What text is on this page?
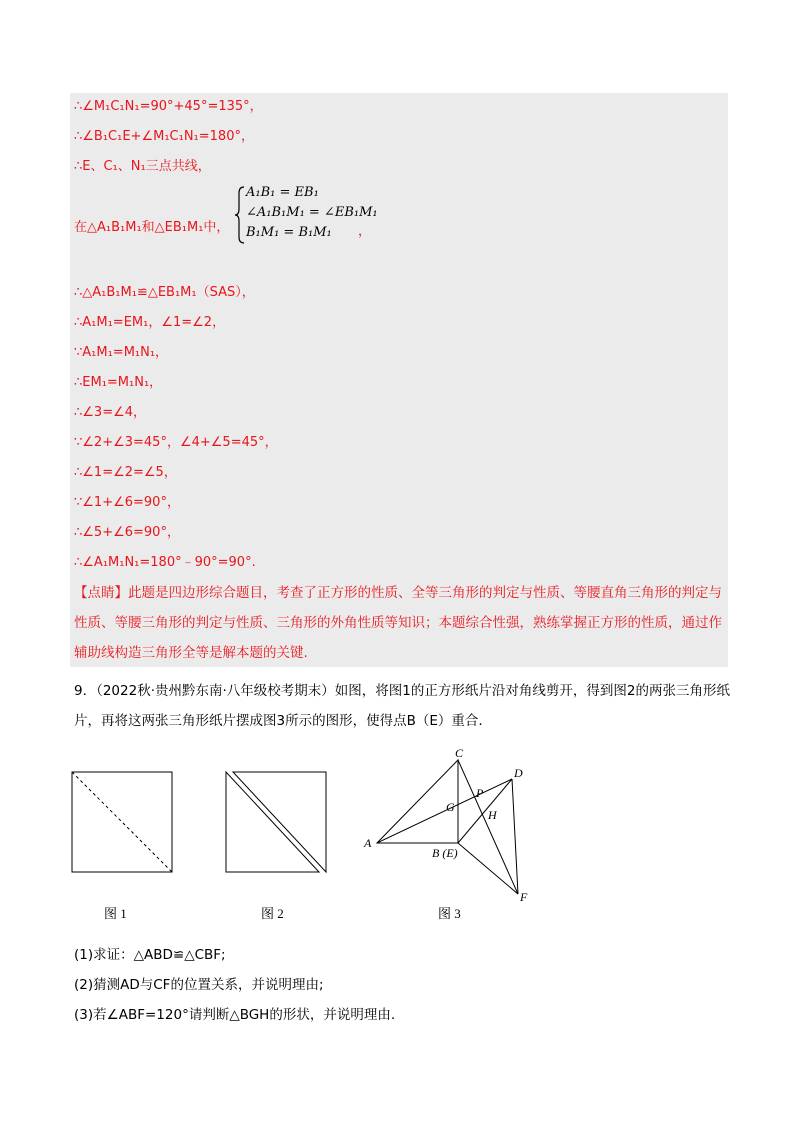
∴∠M₁C₁N₁=90°+45°=135°，
∴∠B₁C₁E+∠M₁C₁N₁=180°，
∴E、C₁、N₁三点共线，
在△A₁B₁M₁和△EB₁M₁中，
A₁B₁ = EB₁
∠A₁B₁M₁ = ∠EB₁M₁
B₁M₁ = B₁M₁ ，
∴△A₁B₁M₁≌△EB₁M₁（SAS），
∴A₁M₁=EM₁，∠1=∠2，
∵A₁M₁=M₁N₁，
∴EM₁=M₁N₁，
∴∠3=∠4，
∵∠2+∠3=45°，∠4+∠5=45°，
∴∠1=∠2=∠5，
∵∠1+∠6=90°，
∴∠5+∠6=90°，
∴∠A₁M₁N₁=180°﹣90°=90°.
【点睛】此题是四边形综合题目，考查了正方形的性质、全等三角形的判定与性质、等腰直角三角形的判定与性质、等腰三角形的判定与性质、三角形的外角性质等知识；本题综合性强，熟练掌握正方形的性质，通过作辅助线构造三角形全等是解本题的关键.
9．（2022秋·贵州黔东南·八年级校考期末）如图，将图1的正方形纸片沿对角线剪开，得到图2的两张三角形纸片，再将这两张三角形纸片摆成图3所示的图形，使得点B（E）重合.
图 1	图 2
C
D
P
G
H
A
B (E)
F
图 3
(1)求证：△ABD≌△CBF;
(2)猜测AD与CF的位置关系，并说明理由;
(3)若∠ABF=120°请判断△BGH的形状，并说明理由.
